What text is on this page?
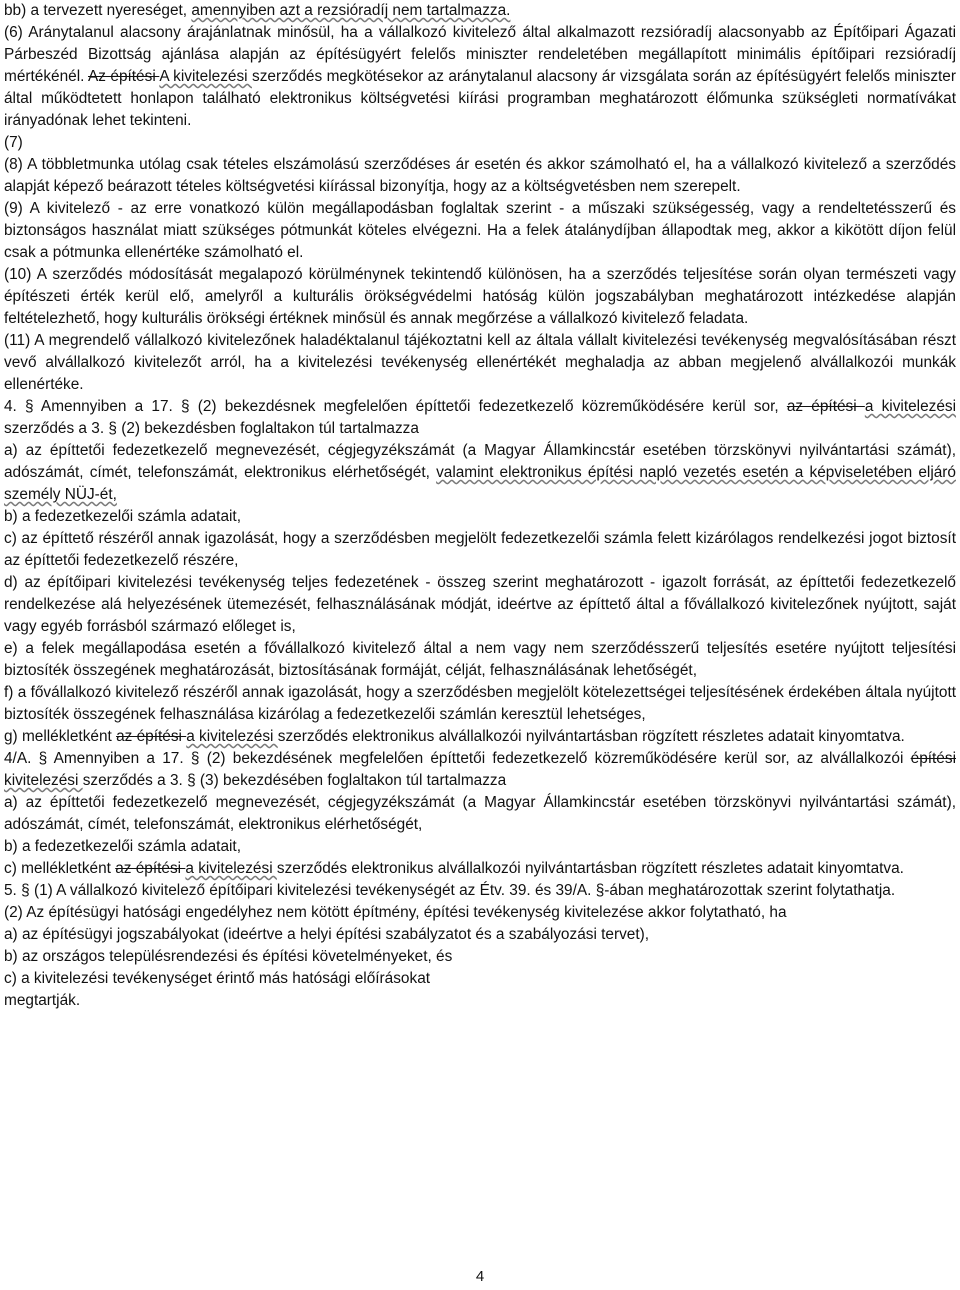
bb) a tervezett nyereséget, amennyiben azt a rezsióradíj nem tartalmazza.

(6) Aránytalanul alacsony árajánlatnak minősül, ha a vállalkozó kivitelező által alkalmazott rezsióradíj alacsonyabb az Építőipari Ágazati Párbeszéd Bizottság ajánlása alapján az építésügyért felelős miniszter rendeletében megállapított minimális építőipari rezsióradíj mértékénél. Az építési A kivitelezési szerződés megkötésekor az aránytalanul alacsony ár vizsgálata során az építésügyért felelős miniszter által működtetett honlapon található elektronikus költségvetési kiírási programban meghatározott élőmunka szükségleti normatívákat irányadónak lehet tekinteni.

(7)

(8) A többletmunka utólag csak tételes elszámolású szerződéses ár esetén és akkor számolható el, ha a vállalkozó kivitelező a szerződés alapját képező beárazott tételes költségvetési kiírással bizonyítja, hogy az a költségvetésben nem szerepelt.

(9) A kivitelező - az erre vonatkozó külön megállapodásban foglaltak szerint - a műszaki szükségesség, vagy a rendeltetésszerű és biztonságos használat miatt szükséges pótmunkát köteles elvégezni. Ha a felek átalánydíjban állapodtak meg, akkor a kikötött díjon felül csak a pótmunka ellenértéke számolható el.

(10) A szerződés módosítását megalapozó körülménynek tekintendő különösen, ha a szerződés teljesítése során olyan természeti vagy építészeti érték kerül elő, amelyről a kulturális örökségvédelmi hatóság külön jogszabályban meghatározott intézkedése alapján feltételezhető, hogy kulturális örökségi értéknek minősül és annak megőrzése a vállalkozó kivitelező feladata.

(11) A megrendelő vállalkozó kivitelezőnek haladéktalanul tájékoztatni kell az általa vállalt kivitelezési tevékenység megvalósításában részt vevő alvállalkozó kivitelezőt arról, ha a kivitelezési tevékenység ellenértékét meghaladja az abban megjelenő alvállalkozói munkák ellenértéke.

4. § Amennyiben a 17. § (2) bekezdésnek megfelelően építtetői fedezetkezelő közreműködésére kerül sor, az építési a kivitelezési szerződés a 3. § (2) bekezdésben foglaltakon túl tartalmazza

a) az építtetői fedezetkezelő megnevezését, cégjegyzékszámát (a Magyar Államkincstár esetében törzskönyvi nyilvántartási számát), adószámát, címét, telefonszámát, elektronikus elérhetőségét, valamint elektronikus építési napló vezetés esetén a képviseletében eljáró személy NÜJ-ét,

b) a fedezetkezelői számla adatait,

c) az építtető részéről annak igazolását, hogy a szerződésben megjelölt fedezetkezelői számla felett kizárólagos rendelkezési jogot biztosít az építtetői fedezetkezelő részére,

d) az építőipari kivitelezési tevékenység teljes fedezetének - összeg szerint meghatározott - igazolt forrását, az építtetői fedezetkezelő rendelkezése alá helyezésének ütemezését, felhasználásának módját, ideértve az építtető által a fővállalkozó kivitelezőnek nyújtott, saját vagy egyéb forrásból származó előleget is,

e) a felek megállapodása esetén a fővállalkozó kivitelező által a nem vagy nem szerződésszerű teljesítés esetére nyújtott teljesítési biztosíték összegének meghatározását, biztosításának formáját, célját, felhasználásának lehetőségét,

f) a fővállalkozó kivitelező részéről annak igazolását, hogy a szerződésben megjelölt kötelezettségei teljesítésének érdekében általa nyújtott biztosíték összegének felhasználása kizárólag a fedezetkezelői számlán keresztül lehetséges,

g) mellékletként az építési a kivitelezési szerződés elektronikus alvállalkozói nyilvántartásban rögzített részletes adatait kinyomtatva.

4/A. § Amennyiben a 17. § (2) bekezdésének megfelelően építtetői fedezetkezelő közreműködésére kerül sor, az alvállalkozói építési kivitelezési szerződés a 3. § (3) bekezdésében foglaltakon túl tartalmazza

a) az építtetői fedezetkezelő megnevezését, cégjegyzékszámát (a Magyar Államkincstár esetében törzskönyvi nyilvántartási számát), adószámát, címét, telefonszámát, elektronikus elérhetőségét,

b) a fedezetkezelői számla adatait,

c) mellékletként az építési a kivitelezési szerződés elektronikus alvállalkozói nyilvántartásban rögzített részletes adatait kinyomtatva.

5. § (1) A vállalkozó kivitelező építőipari kivitelezési tevékenységét az Étv. 39. és 39/A. §-ában meghatározottak szerint folytathatja.

(2) Az építésügyi hatósági engedélyhez nem kötött építmény, építési tevékenység kivitelezése akkor folytatható, ha

a) az építésügyi jogszabályokat (ideértve a helyi építési szabályzatot és a szabályozási tervet),

b) az országos településrendezési és építési követelményeket, és

c) a kivitelezési tevékenységet érintő más hatósági előírásokat

megtartják.

4
